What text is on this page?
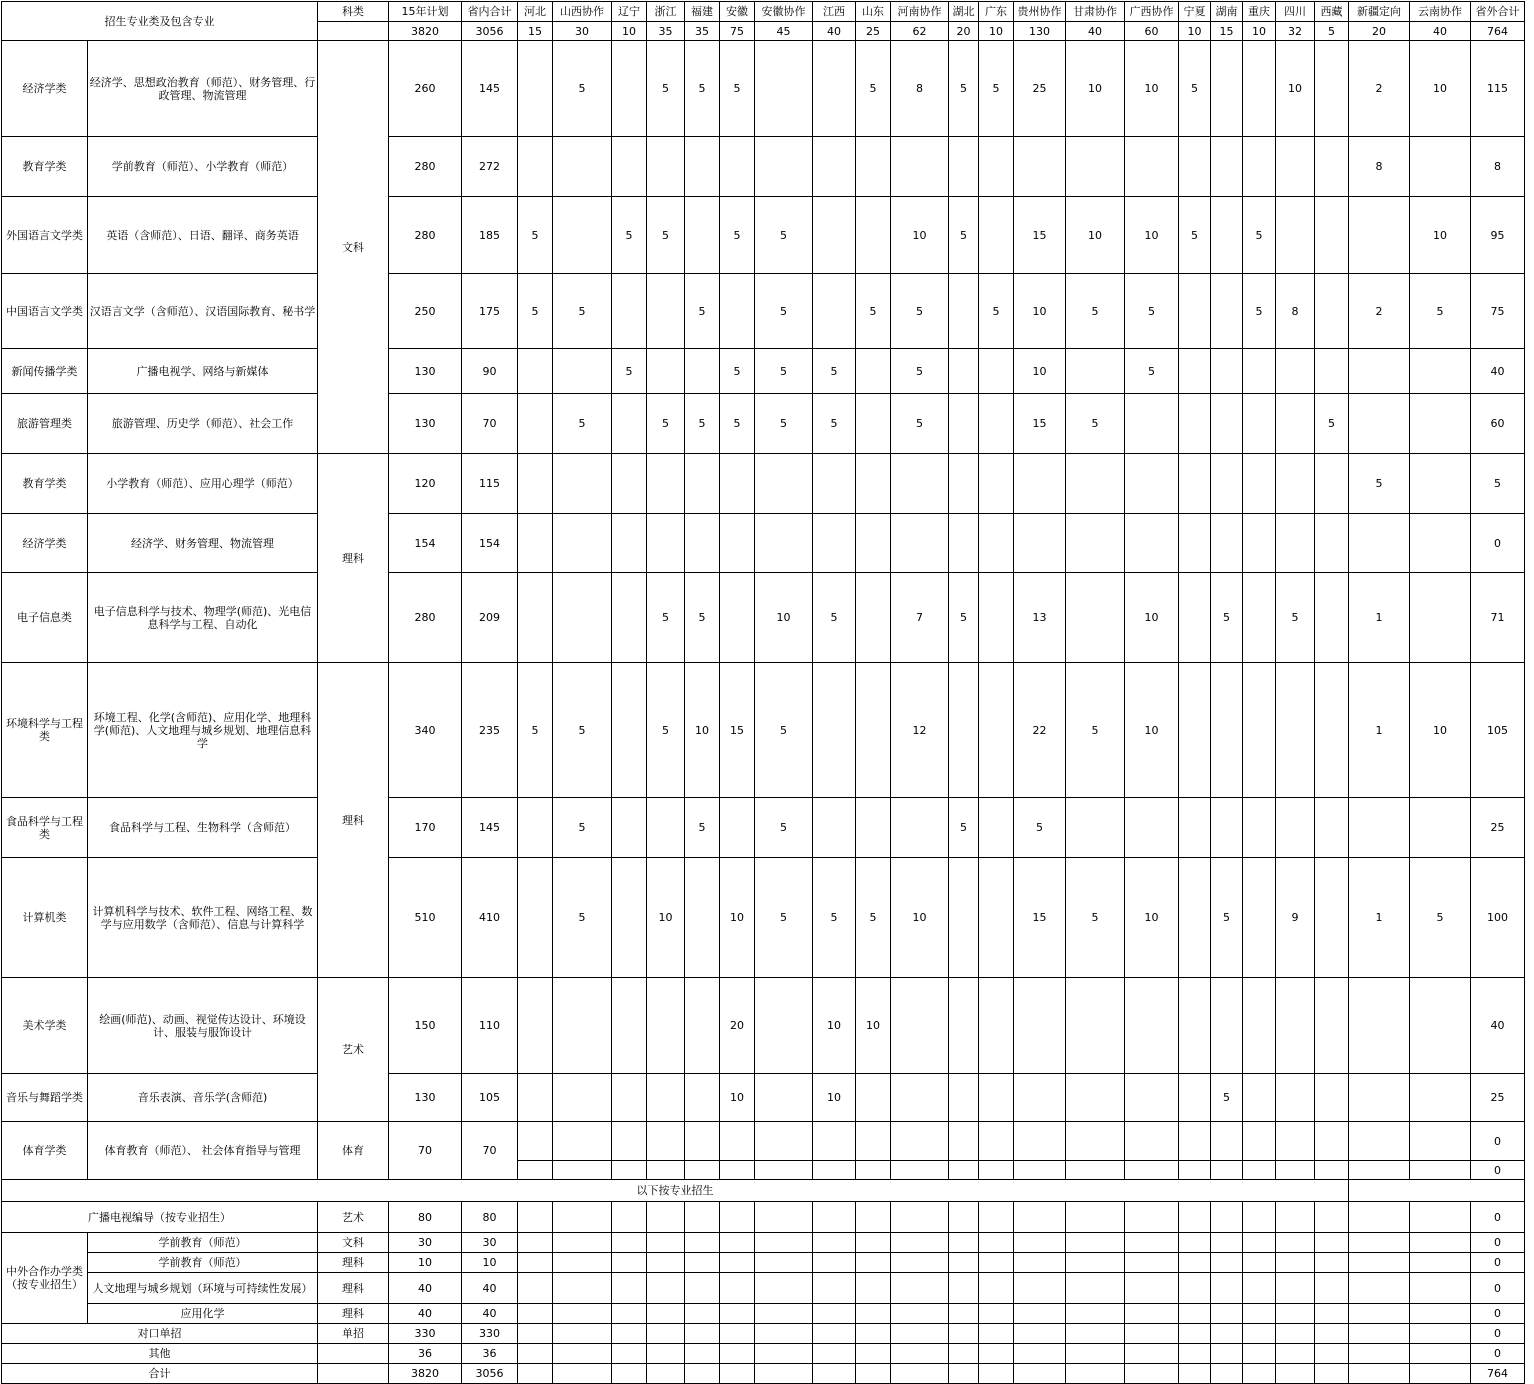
招生专业类及包含专业		科类	15年计划	省内合计	河北	山西协作	辽宁	浙江	福建	安徽	安徽协作	江西	山东	河南协作	湖北	广东	贵州协作	甘肃协作	广西协作	宁夏	湖南	重庆	四川	西藏	新疆定向	云南协作	省外合计
			3820	3056	15	30	10	35	35	75	45	40	25	62	20	10	130	40	60	10	15	10	32	5	20	40	764
经济学类	经济学、思想政治教育（师范）、财务管理、行政管理、物流管理	文科	260	145		5		5	5	5			5	8	5	5	25	10	10	5			10		2	10	115
教育学类	学前教育（师范）、小学教育（师范）		280	272																					8		8
外国语言文学类	英语（含师范）、日语、翻译、商务英语		280	185	5		5	5		5	5			10	5		15	10	10	5		5				10	95
中国语言文学类	汉语言文学（含师范）、汉语国际教育、秘书学		250	175	5	5			5		5		5	5		5	10	5	5			5	8		2	5	75
新闻传播学类	广播电视学、网络与新媒体		130	90			5			5	5	5		5			10		5								40
旅游管理类	旅游管理、历史学（师范）、社会工作		130	70		5		5	5	5	5	5		5			15	5						5			60
教育学类	小学教育（师范）、应用心理学（师范）	理科	120	115																					5		5
经济学类	经济学、财务管理、物流管理		154	154																							0
电子信息类	电子信息科学与技术、物理学(师范)、光电信息科学与工程、自动化		280	209				5	5		10	5		7	5		13		10		5		5		1		71
环境科学与工程类	环境工程、化学(含师范)、应用化学、地理科学(师范)、人文地理与城乡规划、地理信息科学	理科	340	235	5	5		5	10	15	5			12			22	5	10						1	10	105
食品科学与工程类	食品科学与工程、生物科学（含师范）		170	145		5			5		5				5		5										25
计算机类	计算机科学与技术、软件工程、网络工程、数学与应用数学（含师范）、信息与计算科学		510	410		5		10		10	5	5	5	10			15	5	10		5		9		1	5	100
美术学类	绘画(师范)、动画、视觉传达设计、环境设计、服装与服饰设计	艺术	150	110						20		10	10														40
音乐与舞蹈学类	音乐表演、音乐学(含师范)		130	105						10		10									5						25
体育学类	体育教育（师范）、 社会体育指导与管理	体育	70	70																							0
																											0
以下按专业招生																											
广播电视编导（按专业招生）		艺术	80	80																							0
中外合作办学类（按专业招生）	学前教育（师范）	文科	30	30																							0
	学前教育（师范）	理科	10	10																							0
	人文地理与城乡规划（环境与可持续性发展）	理科	40	40																							0
	应用化学	理科	40	40																							0
对口单招		单招	330	330																							0
其他			36	36																							0
合计			3820	3056																							764
